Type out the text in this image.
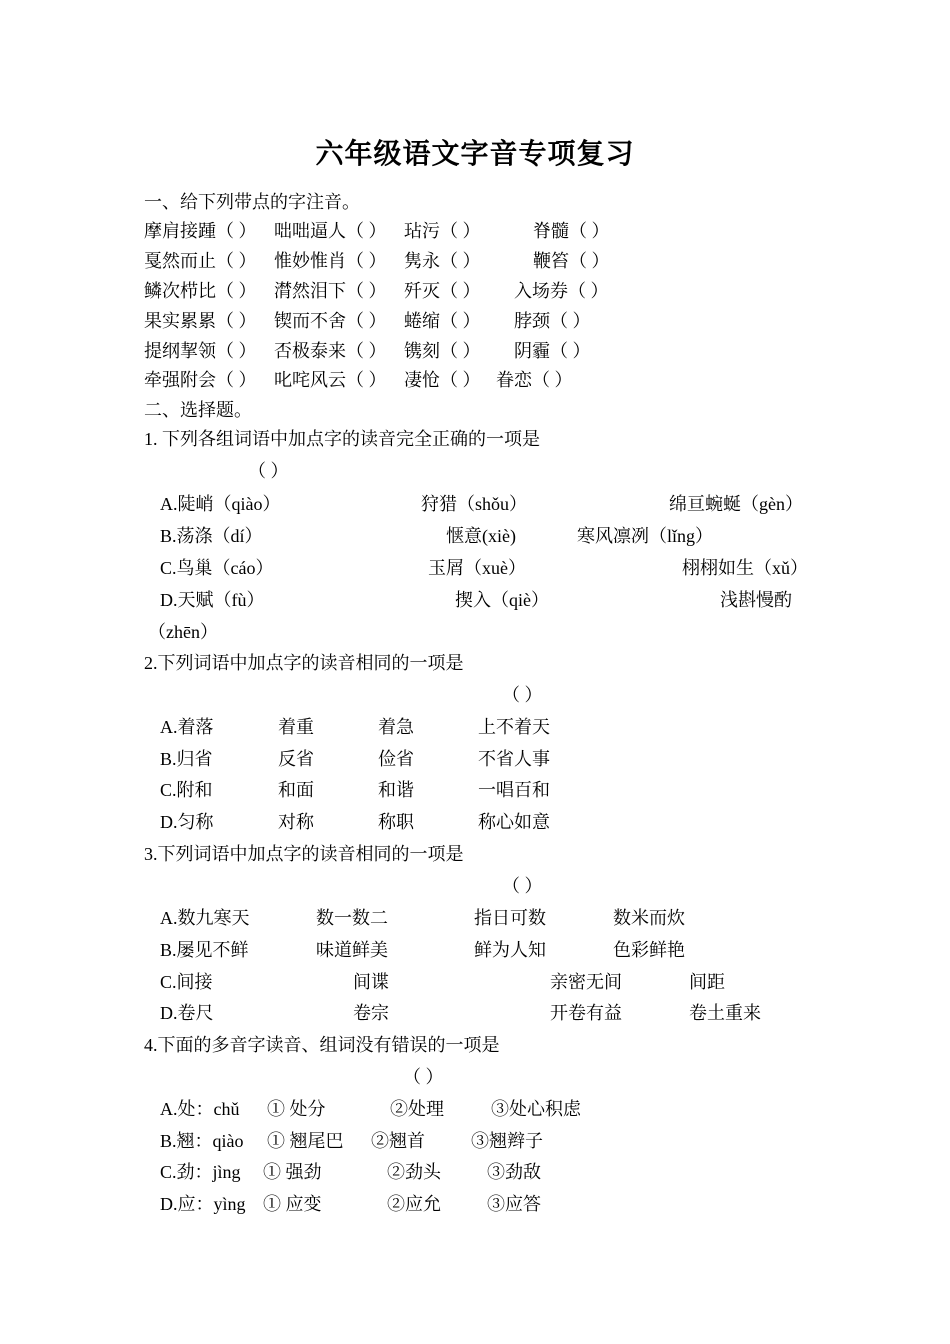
六年级语文字音专项复习
一、给下列带点的字注音。
摩肩接踵（ ） 咄咄逼人（ ） 玷污（ ）	脊髓（ ）
戛然而止（ ） 惟妙惟肖（ ） 隽永（ ）	鞭笞（ ）
鳞次栉比（ ） 潸然泪下（ ） 歼灭（ ） 入场券（ ）
果实累累（ ） 锲而不舍（ ） 蜷缩（ ） 脖颈（ ）
提纲挈领（ ） 否极泰来（ ） 镌刻（ ） 阴霾（ ）
牵强附会（ ） 叱咤风云（ ） 凄怆（ ） 眷恋（ ）
二、选择题。
1. 下列各组词语中加点字的读音完全正确的一项是
（ ）
A.陡峭（qiào）	狩猎（shǒu）	绵亘蜿蜒（gèn）
B.荡涤（dí）	惬意(xiè)	寒风凛冽（lǐng）
C.鸟巢（cáo）	玉屑（xuè）	栩栩如生（xǔ）
D.天赋（fù）	揳入（qiè）	浅斟慢酌
（zhēn）
2.下列词语中加点字的读音相同的一项是
（ ）
A.着落	着重	着急	上不着天
B.归省	反省	俭省	不省人事
C.附和	和面	和谐	一唱百和
D.匀称	对称	称职	称心如意
3.下列词语中加点字的读音相同的一项是
（ ）
A.数九寒天	数一数二	指日可数	数米而炊
B.屡见不鲜	味道鲜美	鲜为人知	色彩鲜艳
C.间接	间谍	亲密无间	间距
D.卷尺	卷宗	开卷有益	卷土重来
4.下面的多音字读音、组词没有错误的一项是
（ ）
A.处：chǔ ① 处分	②处理	③处心积虑
B.翘：qiào ① 翘尾巴 ②翘首	③翘辫子
C.劲：jìng ① 强劲	②劲头	③劲敌
D.应：yìng ① 应变	②应允	③应答
